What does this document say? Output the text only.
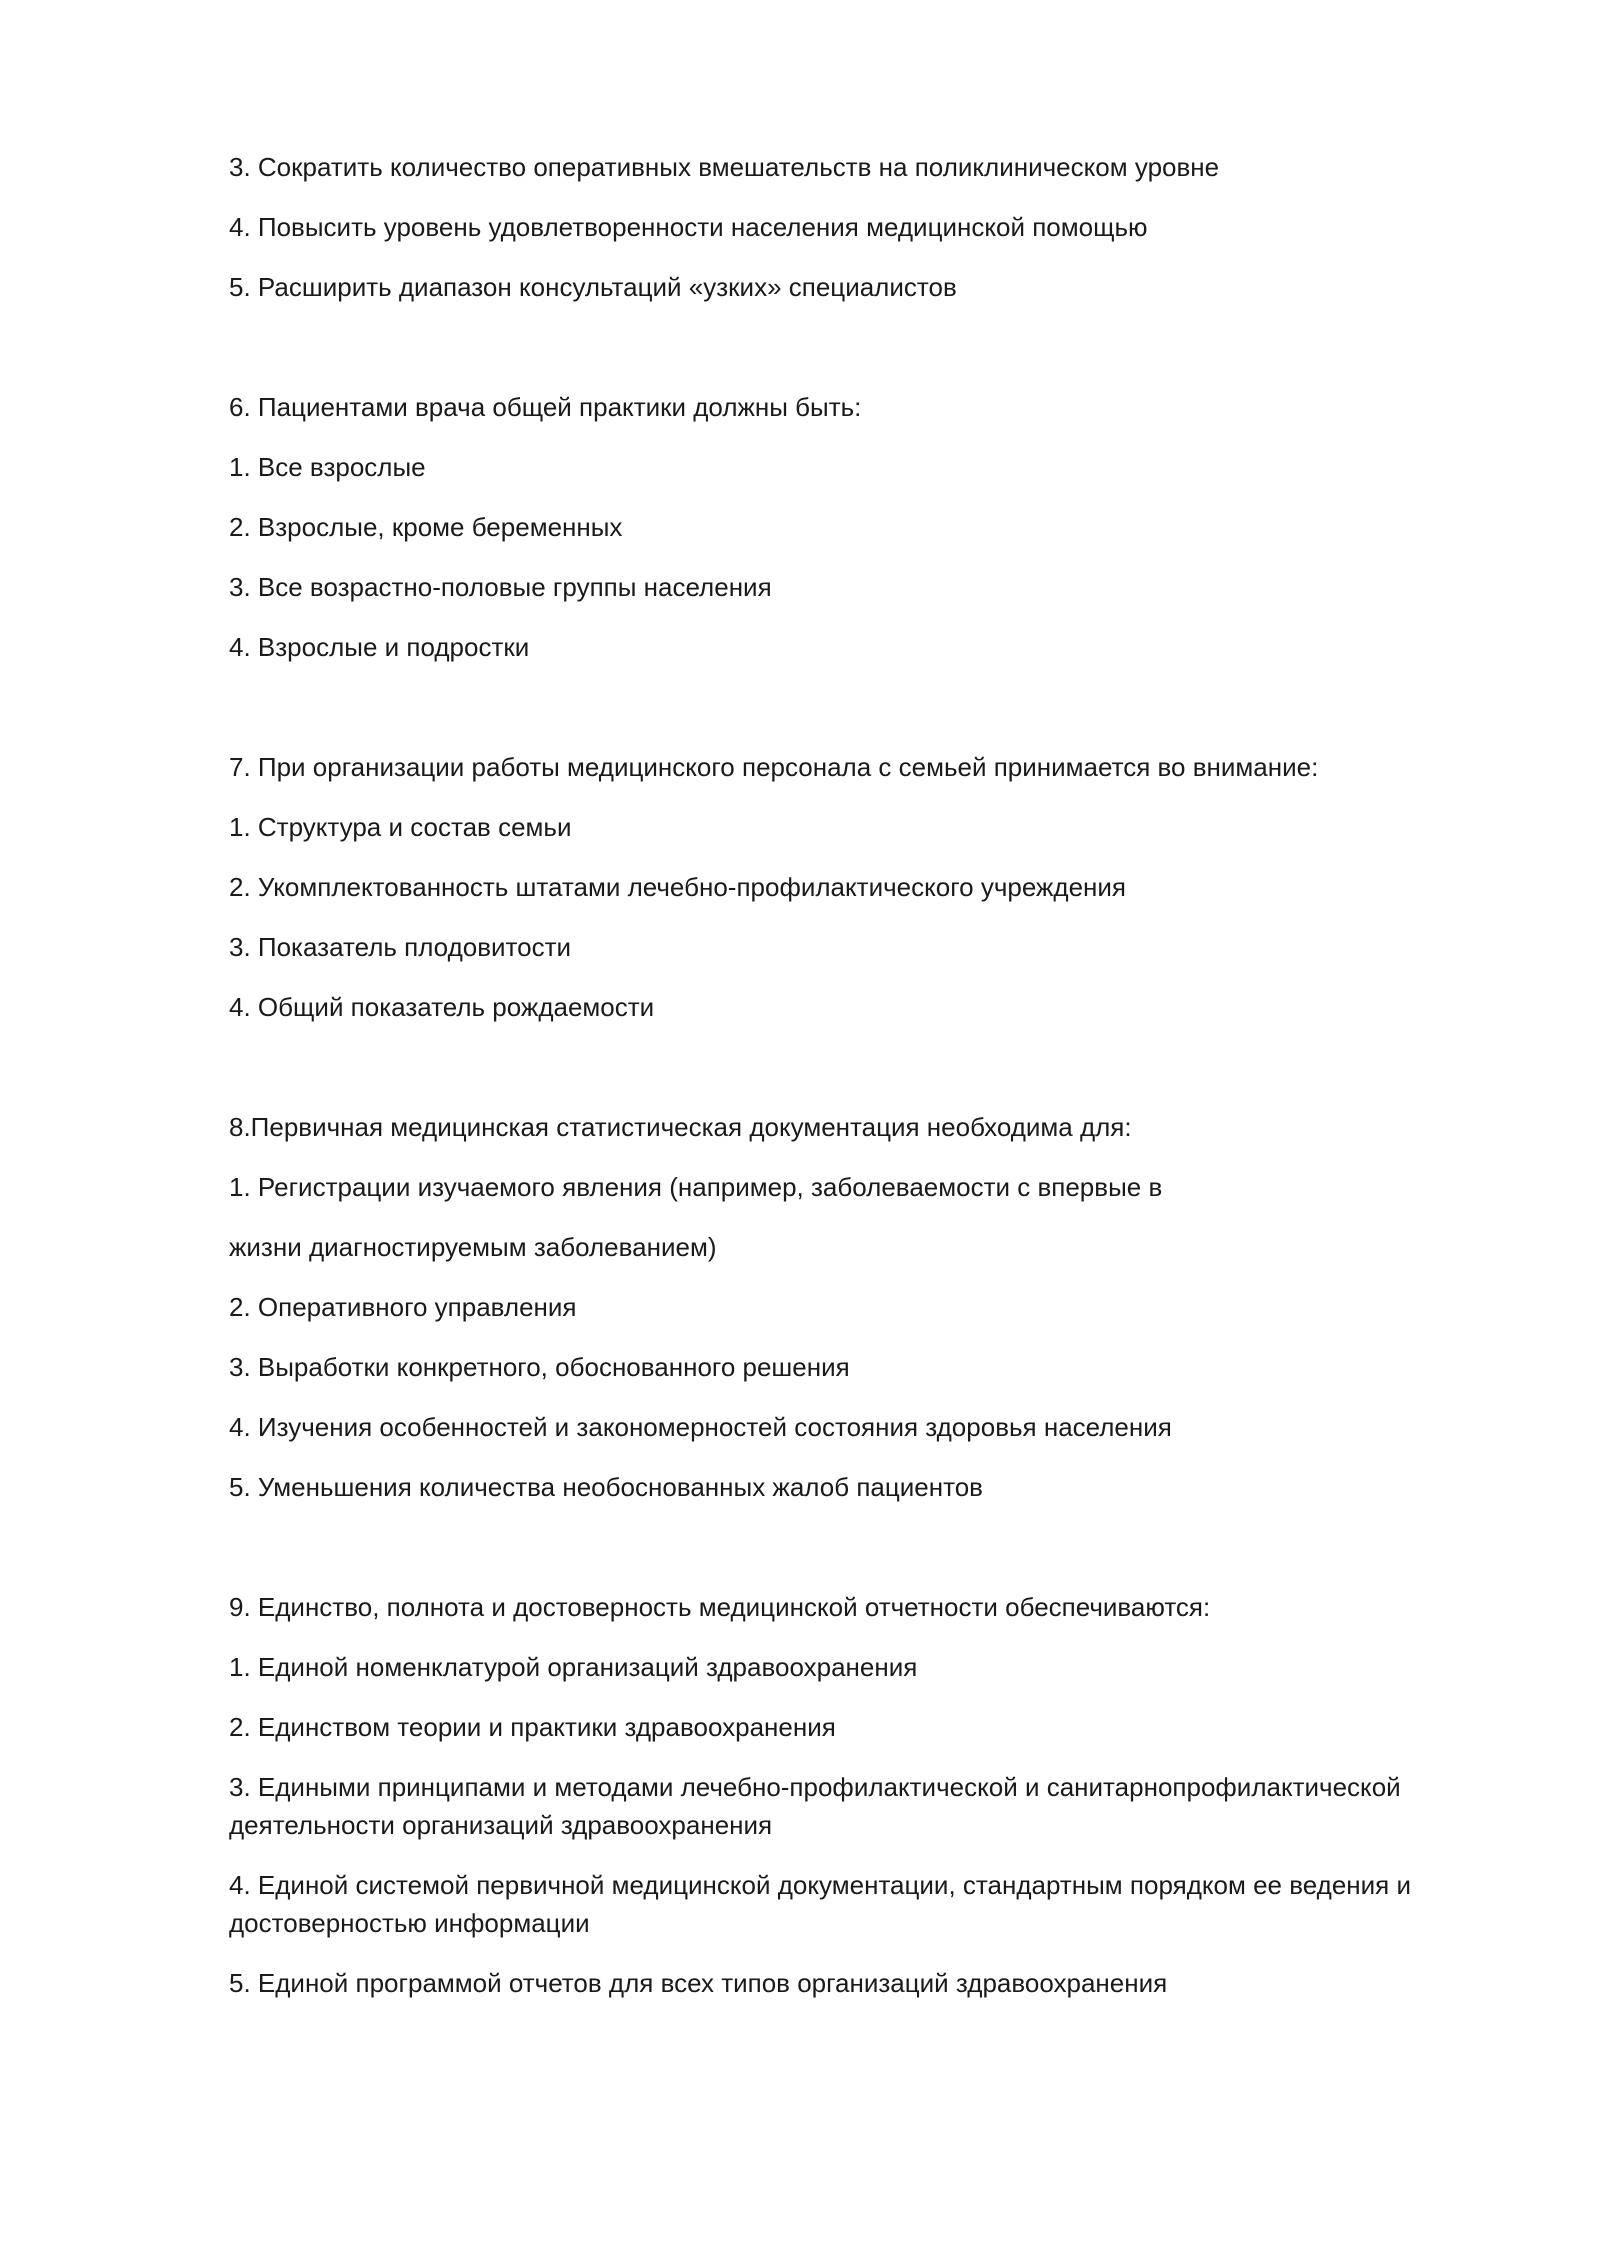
3. Сократить количество оперативных вмешательств на поликлиническом уровне

4. Повысить уровень удовлетворенности населения медицинской помощью

5. Расширить диапазон консультаций «узких» специалистов

6. Пациентами врача общей практики должны быть:

1. Все взрослые

2. Взрослые, кроме беременных

3. Все возрастно-половые группы населения

4. Взрослые и подростки

7. При организации работы медицинского персонала с семьей принимается во внимание:

1. Структура и состав семьи

2. Укомплектованность штатами лечебно-профилактического учреждения

3. Показатель плодовитости

4. Общий показатель рождаемости

8.Первичная медицинская статистическая документация необходима для:

1. Регистрации изучаемого явления (например, заболеваемости с впервые в

жизни диагностируемым заболеванием)

2. Оперативного управления

3. Выработки конкретного, обоснованного решения

4. Изучения особенностей и закономерностей состояния здоровья населения

5. Уменьшения количества необоснованных жалоб пациентов

9. Единство, полнота и достоверность медицинской отчетности обеспечиваются:

1. Единой номенклатурой организаций здравоохранения

2. Единством теории и практики здравоохранения

3. Едиными принципами и методами лечебно-профилактической и санитарнопрофилактической деятельности организаций здравоохранения

4. Единой системой первичной медицинской документации, стандартным порядком ее ведения и достоверностью информации

5. Единой программой отчетов для всех типов организаций здравоохранения
